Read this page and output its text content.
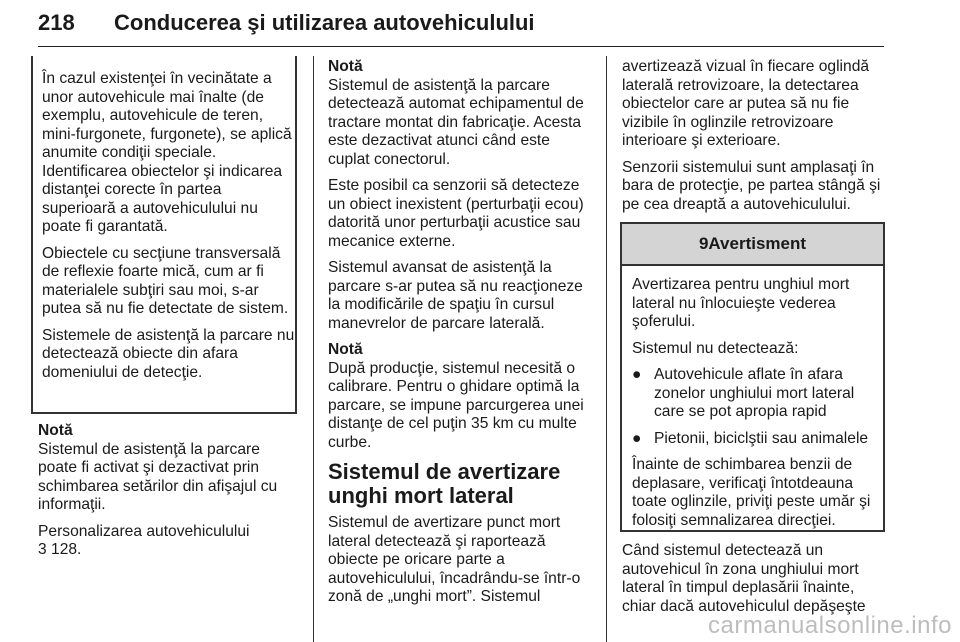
218 Conducerea şi utilizarea autovehiculului

În cazul existenţei în vecinătate a unor autovehicule mai înalte (de exemplu, autovehicule de teren, mini-furgonete, furgonete), se aplică anumite condiţii speciale. Identificarea obiectelor şi indicarea distanţei corecte în partea superioară a autovehiculului nu poate fi garantată.

Obiectele cu secţiune transversală de reflexie foarte mică, cum ar fi materialele subţiri sau moi, s-ar putea să nu fie detectate de sistem.

Sistemele de asistenţă la parcare nu detectează obiecte din afara domeniului de detecţie.

Notă

Sistemul de asistenţă la parcare poate fi activat şi dezactivat prin schimbarea setărilor din afişajul cu informaţii.

Personalizarea autovehiculului
3 128.
Notă

Sistemul de asistenţă la parcare detectează automat echipamentul de tractare montat din fabricaţie. Acesta este dezactivat atunci când este cuplat conectorul.

Este posibil ca senzorii să detecteze un obiect inexistent (perturbaţii ecou) datorită unor perturbaţii acustice sau mecanice externe.

Sistemul avansat de asistenţă la parcare s-ar putea să nu reacţioneze la modificările de spaţiu în cursul manevrelor de parcare laterală.

Notă

După producţie, sistemul necesită o calibrare. Pentru o ghidare optimă la parcare, se impune parcurgerea unei distanţe de cel puţin 35 km cu multe curbe.

Sistemul de avertizare unghi mort lateral

Sistemul de avertizare punct mort lateral detectează şi raportează obiecte pe oricare parte a autovehiculului, încadrându-se într-o zonă de „unghi mort”. Sistemul

avertizează vizual în fiecare oglindă laterală retrovizoare, la detectarea obiectelor care ar putea să nu fie vizibile în oglinzile retrovizoare interioare şi exterioare.

Senzorii sistemului sunt amplasaţi în bara de protecţie, pe partea stângă şi pe cea dreaptă a autovehiculului.

9Avertisment

Avertizarea pentru unghiul mort lateral nu înlocuieşte vederea şoferului.

Sistemul nu detectează:

● Autovehicule aflate în afara zonelor unghiului mort lateral care se pot apropia rapid
● Pietonii, biciclştii sau animalele

Înainte de schimbarea benzii de deplasare, verificaţi întotdeauna toate oglinzile, priviţi peste umăr şi folosiţi semnalizarea direcţiei.

Când sistemul detectează un autovehicul în zona unghiului mort lateral în timpul deplasării înainte, chiar dacă autovehiculul depăşeşte

carmanualsonline.info
